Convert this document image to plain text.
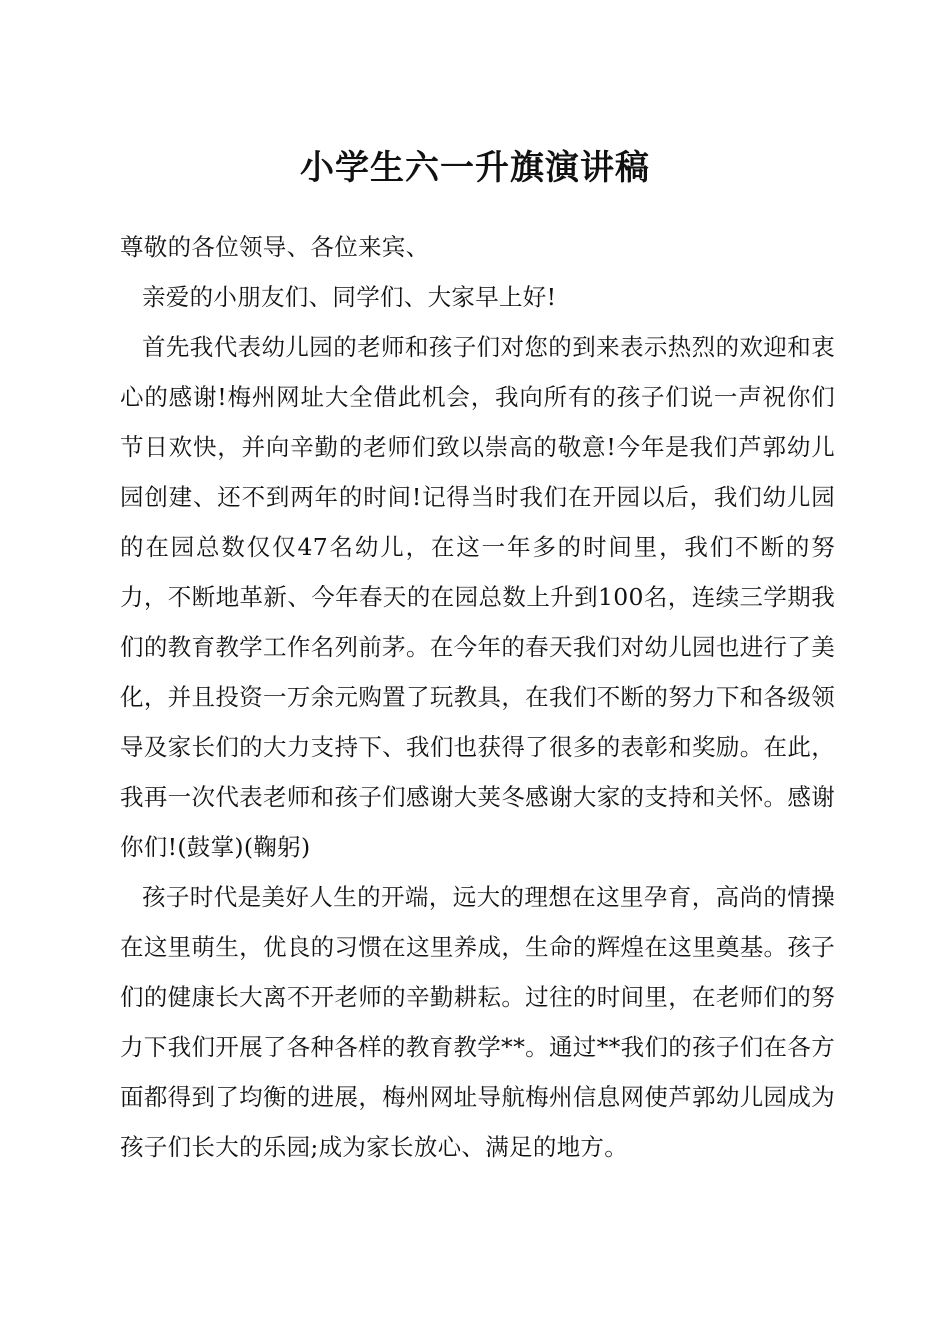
小学生六一升旗演讲稿

尊敬的各位领导、各位来宾、

亲爱的小朋友们、同学们、大家早上好!

首先我代表幼儿园的老师和孩子们对您的到来表示热烈的欢迎和衷心的感谢!梅州网址大全借此机会，我向所有的孩子们说一声祝你们节日欢快，并向辛勤的老师们致以崇高的敬意!今年是我们芦郭幼儿园创建、还不到两年的时间!记得当时我们在开园以后，我们幼儿园的在园总数仅仅47名幼儿，在这一年多的时间里，我们不断的努力，不断地革新、今年春天的在园总数上升到100名，连续三学期我们的教育教学工作名列前茅。在今年的春天我们对幼儿园也进行了美化，并且投资一万余元购置了玩教具，在我们不断的努力下和各级领导及家长们的大力支持下、我们也获得了很多的表彰和奖励。在此，我再一次代表老师和孩子们感谢大荚冬感谢大家的支持和关怀。感谢你们!(鼓掌)(鞠躬)

孩子时代是美好人生的开端，远大的理想在这里孕育，高尚的情操在这里萌生，优良的习惯在这里养成，生命的辉煌在这里奠基。孩子们的健康长大离不开老师的辛勤耕耘。过往的时间里，在老师们的努力下我们开展了各种各样的教育教学**。通过**我们的孩子们在各方面都得到了均衡的进展，梅州网址导航梅州信息网使芦郭幼儿园成为孩子们长大的乐园;成为家长放心、满足的地方。
